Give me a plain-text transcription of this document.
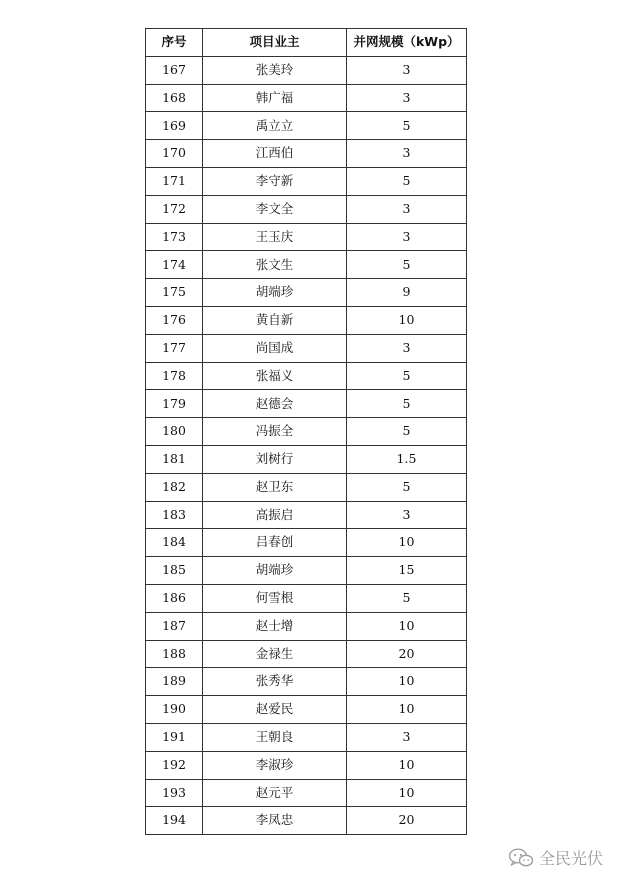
序号	项目业主	并网规模（kWp）
167	张美玲	3
168	韩广福	3
169	禹立立	5
170	江西伯	3
171	李守新	5
172	李文全	3
173	王玉庆	3
174	张文生	5
175	胡端珍	9
176	黄自新	10
177	尚国成	3
178	张福义	5
179	赵德会	5
180	冯振全	5
181	刘树行	1.5
182	赵卫东	5
183	高振启	3
184	吕春创	10
185	胡端珍	15
186	何雪根	5
187	赵士增	10
188	金禄生	20
189	张秀华	10
190	赵爱民	10
191	王朝良	3
192	李淑珍	10
193	赵元平	10
194	李凤忠	20
全民光伏
